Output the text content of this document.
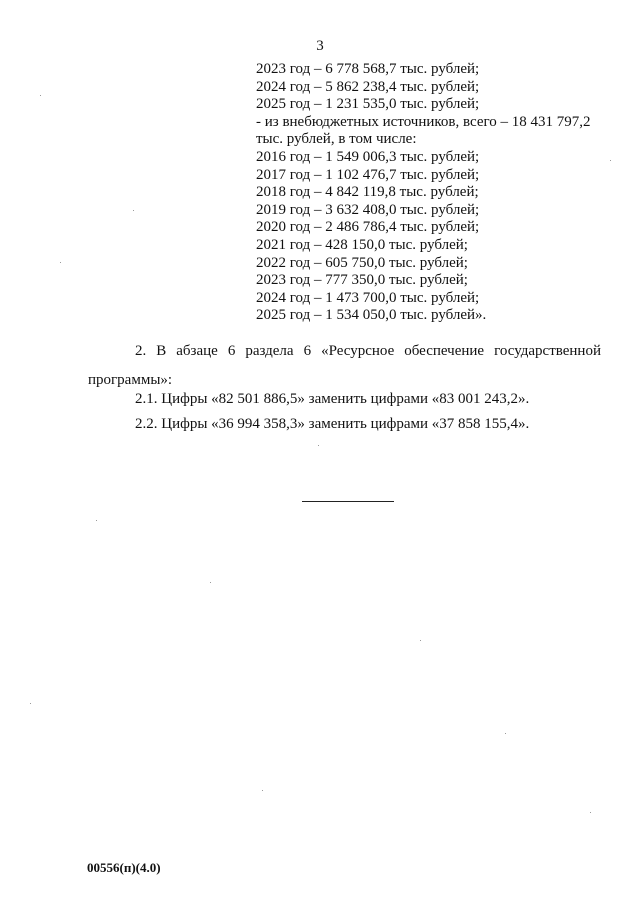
3
2023 год – 6 778 568,7 тыс. рублей;
2024 год – 5 862 238,4 тыс. рублей;
2025 год – 1 231 535,0 тыс. рублей;
- из внебюджетных источников, всего – 18 431 797,2
тыс. рублей, в том числе:
2016 год – 1 549 006,3 тыс. рублей;
2017 год – 1 102 476,7 тыс. рублей;
2018 год – 4 842 119,8 тыс. рублей;
2019 год – 3 632 408,0 тыс. рублей;
2020 год – 2 486 786,4 тыс. рублей;
2021 год – 428 150,0 тыс. рублей;
2022 год – 605 750,0 тыс. рублей;
2023 год – 777 350,0 тыс. рублей;
2024 год – 1 473 700,0 тыс. рублей;
2025 год – 1 534 050,0 тыс. рублей».
2. В абзаце 6 раздела 6 «Ресурсное обеспечение государственной программы»:
2.1. Цифры «82 501 886,5» заменить цифрами «83 001 243,2».
2.2. Цифры «36 994 358,3» заменить цифрами «37 858 155,4».
00556(п)(4.0)
